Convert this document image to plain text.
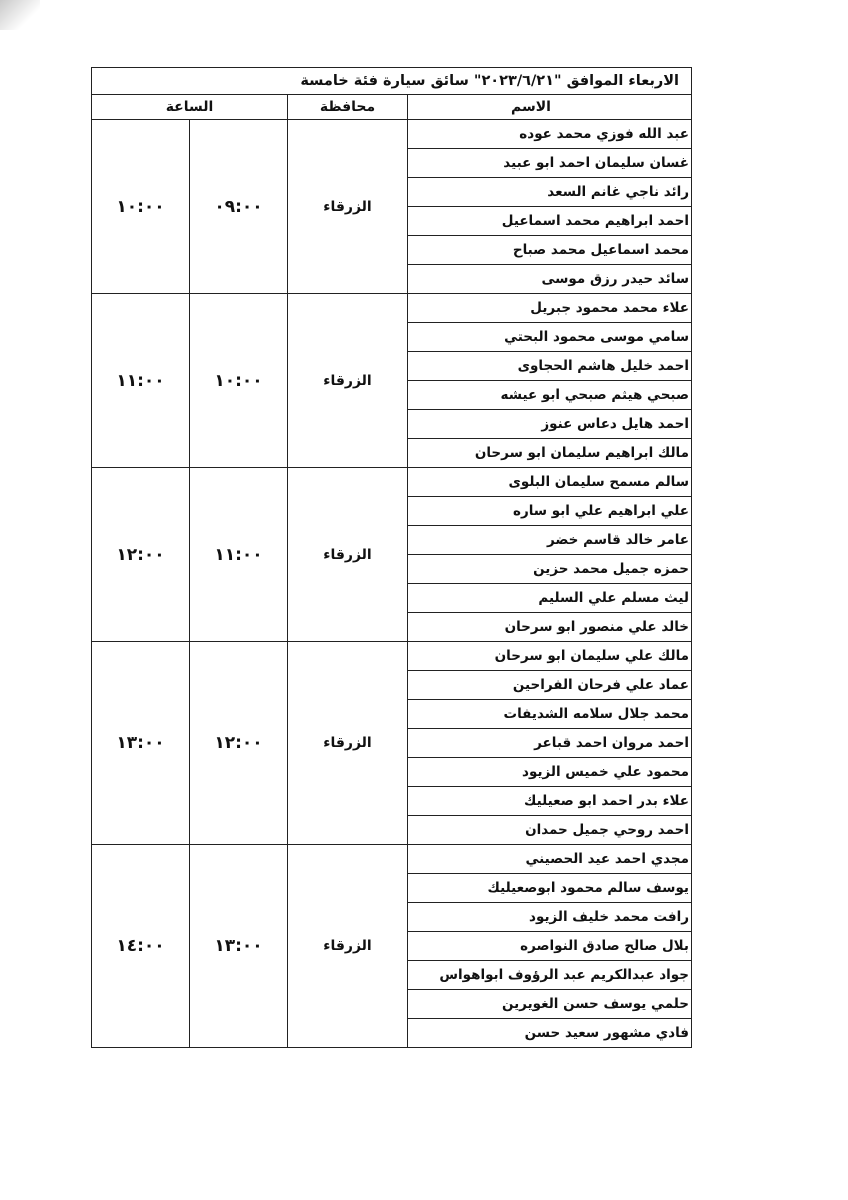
الاربعاء الموافق "٢٠٢٣/٦/٢١" سائق سيارة فئة خامسة			
الساعة		محافظة	الاسم
١٠:٠٠	٠٩:٠٠	الزرقاء	عبد الله فوزي محمد عوده
			غسان سليمان احمد ابو عبيد
			رائد ناجي غانم السعد
			احمد ابراهيم محمد اسماعيل
			محمد اسماعيل محمد صباح
			سائد حيدر رزق موسى
١١:٠٠	١٠:٠٠	الزرقاء	علاء محمد محمود جبريل
			سامي موسى محمود البحتي
			احمد خليل هاشم الحجاوى
			صبحي هيثم صبحي ابو عيشه
			احمد هايل دعاس عنوز
			مالك ابراهيم سليمان ابو سرحان
١٢:٠٠	١١:٠٠	الزرقاء	سالم مسمح سليمان البلوى
			علي ابراهيم علي ابو ساره
			عامر خالد قاسم خضر
			حمزه جميل محمد حزين
			ليث مسلم علي السليم
			خالد علي منصور ابو سرحان
١٣:٠٠	١٢:٠٠	الزرقاء	مالك علي سليمان ابو سرحان
			عماد علي فرحان الفراحين
			محمد جلال سلامه الشديفات
			احمد مروان احمد قباعر
			محمود علي خميس الزيود
			علاء بدر احمد ابو صعيليك
			احمد روحي جميل حمدان
١٤:٠٠	١٣:٠٠	الزرقاء	مجدي احمد عيد الحصيني
			يوسف سالم محمود ابوصعيليك
			رافت محمد خليف الزيود
			بلال صالح صادق النواصره
			جواد عبدالكريم عبد الرؤوف ابواهواس
			حلمي يوسف حسن الغويرين
			فادي مشهور سعيد حسن
